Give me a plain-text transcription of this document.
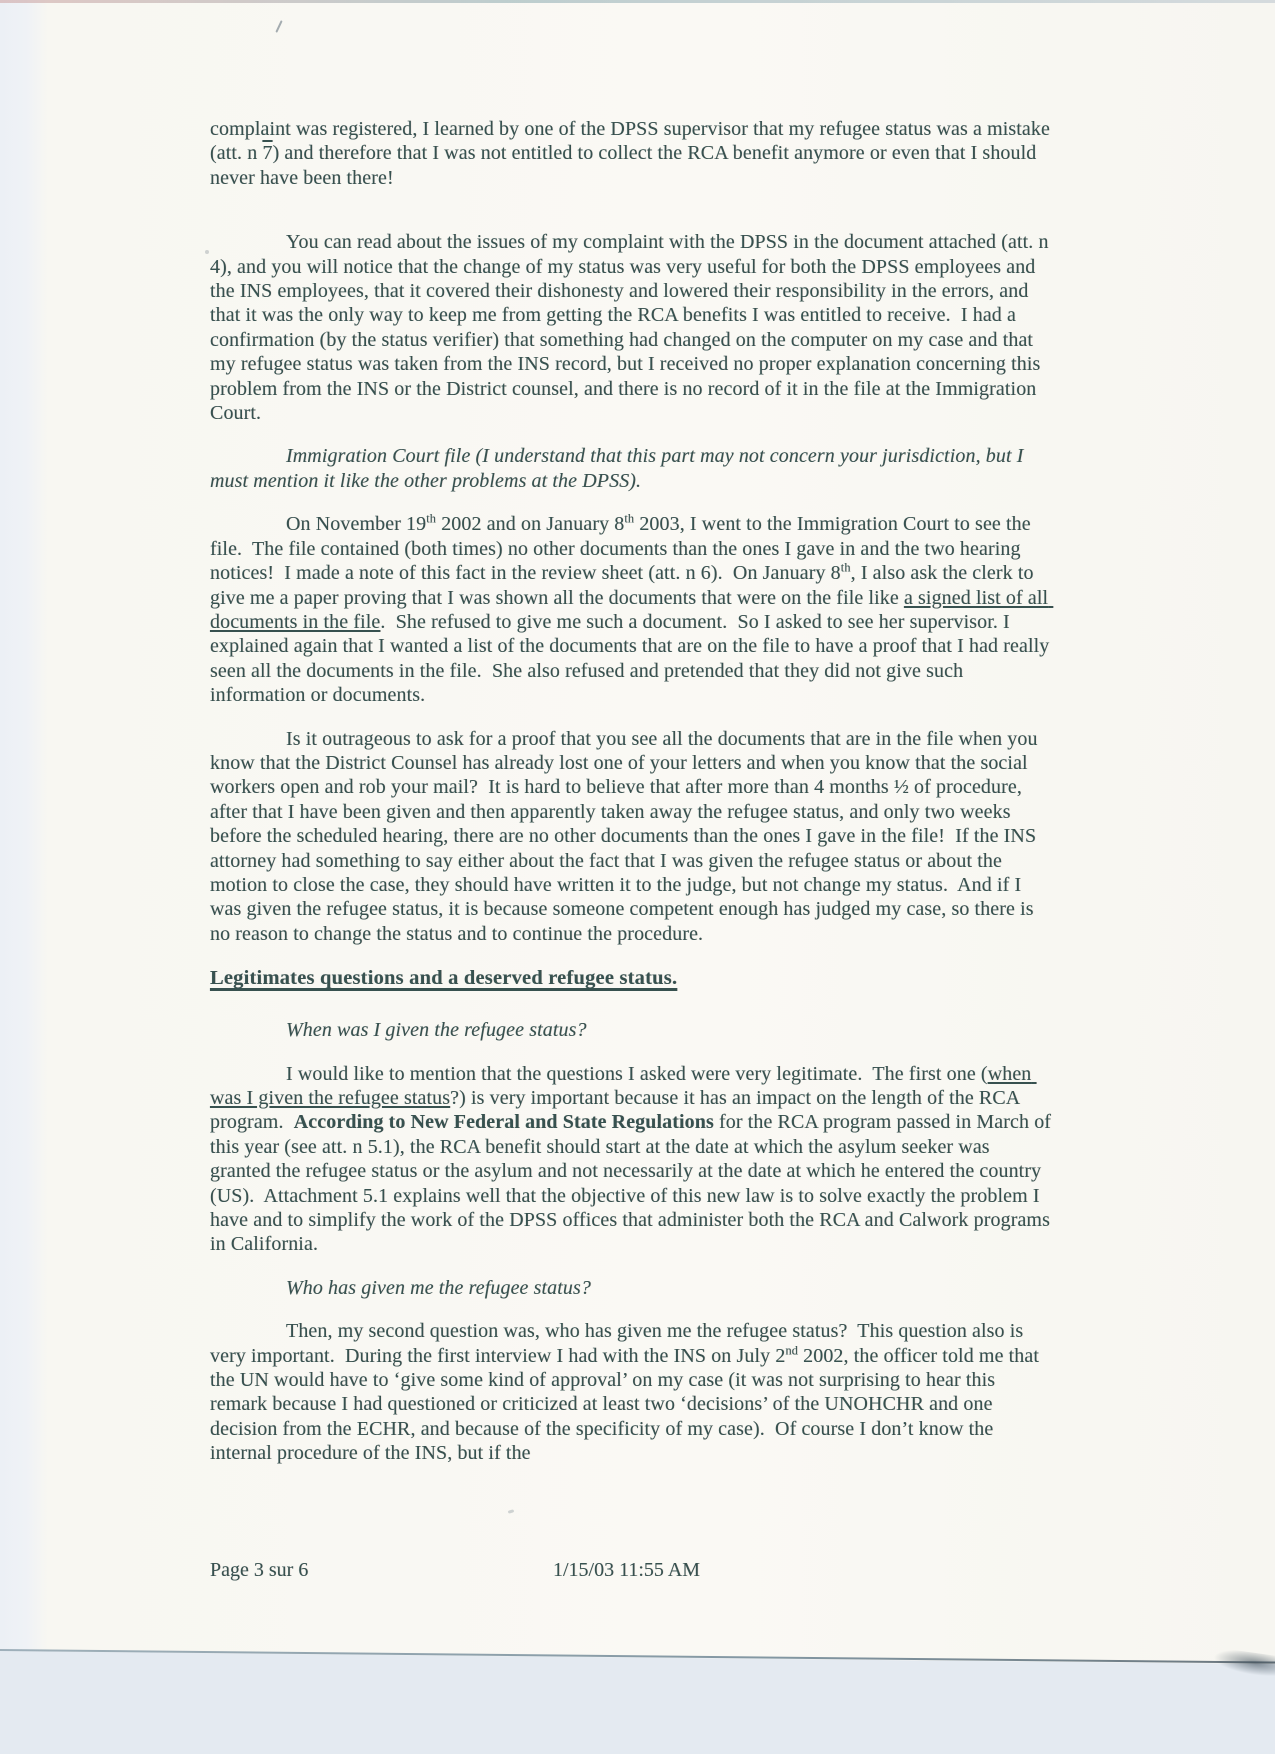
complaint was registered, I learned by one of the DPSS supervisor that my refugee status was a mistake (att. n 7) and therefore that I was not entitled to collect the RCA benefit anymore or even that I should never have been there!
You can read about the issues of my complaint with the DPSS in the document attached (att. n 4), and you will notice that the change of my status was very useful for both the DPSS employees and the INS employees, that it covered their dishonesty and lowered their responsibility in the errors, and that it was the only way to keep me from getting the RCA benefits I was entitled to receive.  I had a confirmation (by the status verifier) that something had changed on the computer on my case and that my refugee status was taken from the INS record, but I received no proper explanation concerning this problem from the INS or the District counsel, and there is no record of it in the file at the Immigration Court.
Immigration Court file (I understand that this part may not concern your jurisdiction, but I must mention it like the other problems at the DPSS).
On November 19th 2002 and on January 8th 2003, I went to the Immigration Court to see the file.  The file contained (both times) no other documents than the ones I gave in and the two hearing notices!  I made a note of this fact in the review sheet (att. n 6).  On January 8th, I also ask the clerk to give me a paper proving that I was shown all the documents that were on the file like a signed list of all documents in the file.  She refused to give me such a document.  So I asked to see her supervisor. I explained again that I wanted a list of the documents that are on the file to have a proof that I had really seen all the documents in the file.  She also refused and pretended that they did not give such information or documents.
Is it outrageous to ask for a proof that you see all the documents that are in the file when you know that the District Counsel has already lost one of your letters and when you know that the social workers open and rob your mail?  It is hard to believe that after more than 4 months ½ of procedure, after that I have been given and then apparently taken away the refugee status, and only two weeks before the scheduled hearing, there are no other documents than the ones I gave in the file!  If the INS attorney had something to say either about the fact that I was given the refugee status or about the motion to close the case, they should have written it to the judge, but not change my status.  And if I was given the refugee status, it is because someone competent enough has judged my case, so there is no reason to change the status and to continue the procedure.
Legitimates questions and a deserved refugee status.
When was I given the refugee status?
I would like to mention that the questions I asked were very legitimate.  The first one (when was I given the refugee status?) is very important because it has an impact on the length of the RCA program.  According to New Federal and State Regulations for the RCA program passed in March of this year (see att. n 5.1), the RCA benefit should start at the date at which the asylum seeker was granted the refugee status or the asylum and not necessarily at the date at which he entered the country (US).  Attachment 5.1 explains well that the objective of this new law is to solve exactly the problem I have and to simplify the work of the DPSS offices that administer both the RCA and Calwork programs in California.
Who has given me the refugee status?
Then, my second question was, who has given me the refugee status?  This question also is very important.  During the first interview I had with the INS on July 2nd 2002, the officer told me that the UN would have to ‘give some kind of approval’ on my case (it was not surprising to hear this remark because I had questioned or criticized at least two ‘decisions’ of the UNOHCHR and one decision from the ECHR, and because of the specificity of my case).  Of course I don’t know the internal procedure of the INS, but if the
Page 3 sur 6	1/15/03 11:55 AM
